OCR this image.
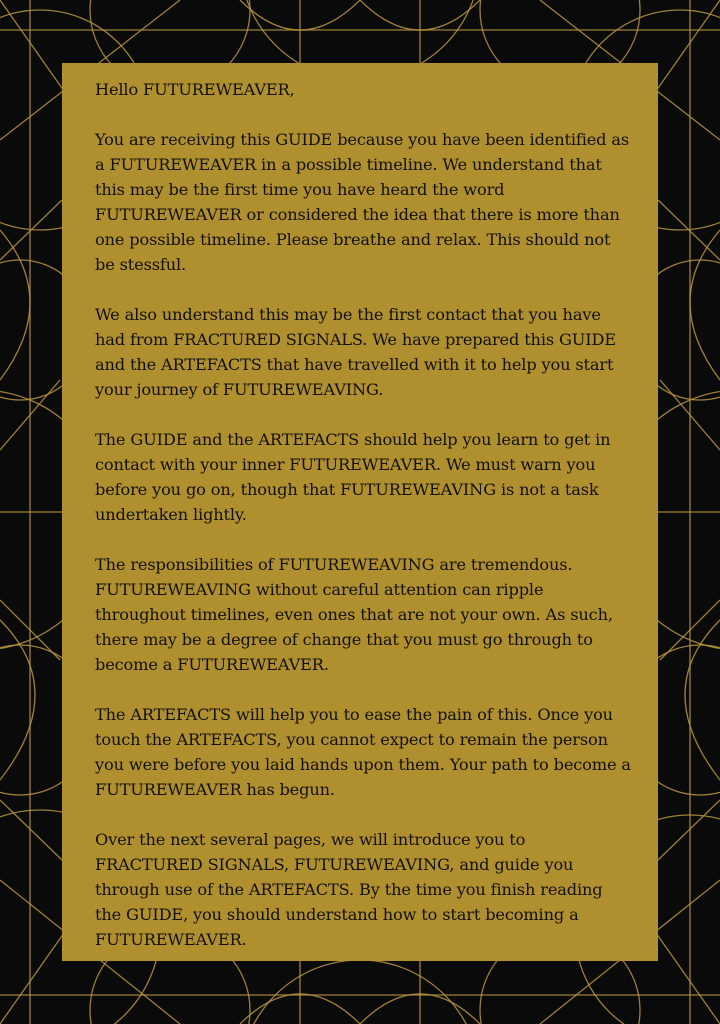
Hello FUTUREWEAVER,

You are receiving this GUIDE because you have been identified as a FUTUREWEAVER in a possible timeline. We understand that this may be the first time you have heard the word FUTUREWEAVER or considered the idea that there is more than one possible timeline. Please breathe and relax. This should not be stessful.

We also understand this may be the first contact that you have had from FRACTURED SIGNALS. We have prepared this GUIDE and the ARTEFACTS that have travelled with it to help you start your journey of FUTUREWEAVING.

The GUIDE and the ARTEFACTS should help you learn to get in contact with your inner FUTUREWEAVER. We must warn you before you go on, though that FUTUREWEAVING is not a task undertaken lightly.

The responsibilities of FUTUREWEAVING are tremendous. FUTUREWEAVING without careful attention can ripple throughout timelines, even ones that are not your own. As such, there may be a degree of change that you must go through to become a FUTUREWEAVER.

The ARTEFACTS will help you to ease the pain of this. Once you touch the ARTEFACTS, you cannot expect to remain the person you were before you laid hands upon them. Your path to become a FUTUREWEAVER has begun.

Over the next several pages, we will introduce you to FRACTURED SIGNALS, FUTUREWEAVING, and guide you through use of the ARTEFACTS. By the time you finish reading the GUIDE, you should understand how to start becoming a FUTUREWEAVER.
